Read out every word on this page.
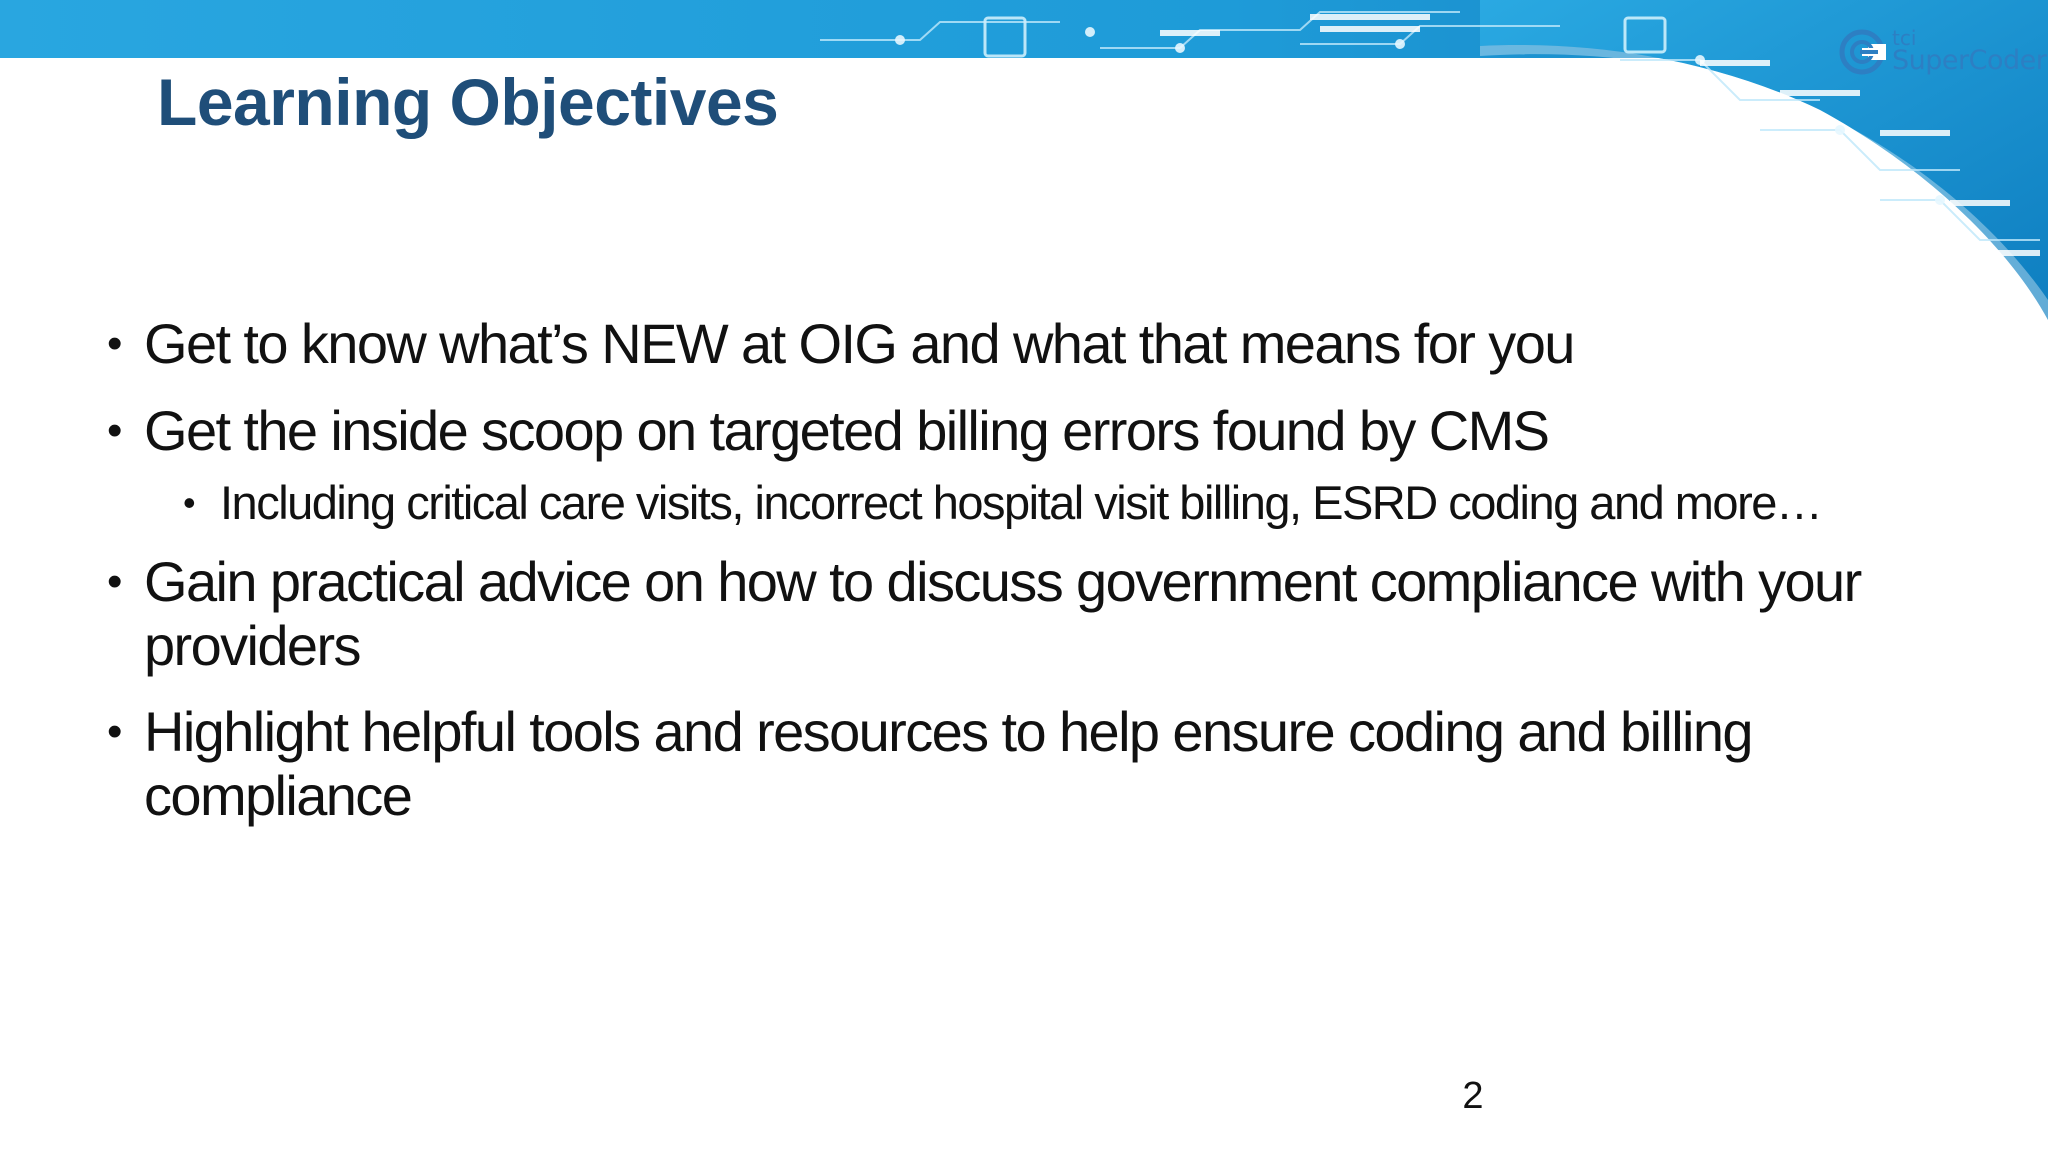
tci
SuperCoder
Learning Objectives
• Get to know what’s NEW at OIG and what that means for you
• Get the inside scoop on targeted billing errors found by CMS
• Including critical care visits, incorrect hospital visit billing, ESRD coding and more…
• Gain practical advice on how to discuss government compliance with your providers
• Highlight helpful tools and resources to help ensure coding and billing compliance
2
